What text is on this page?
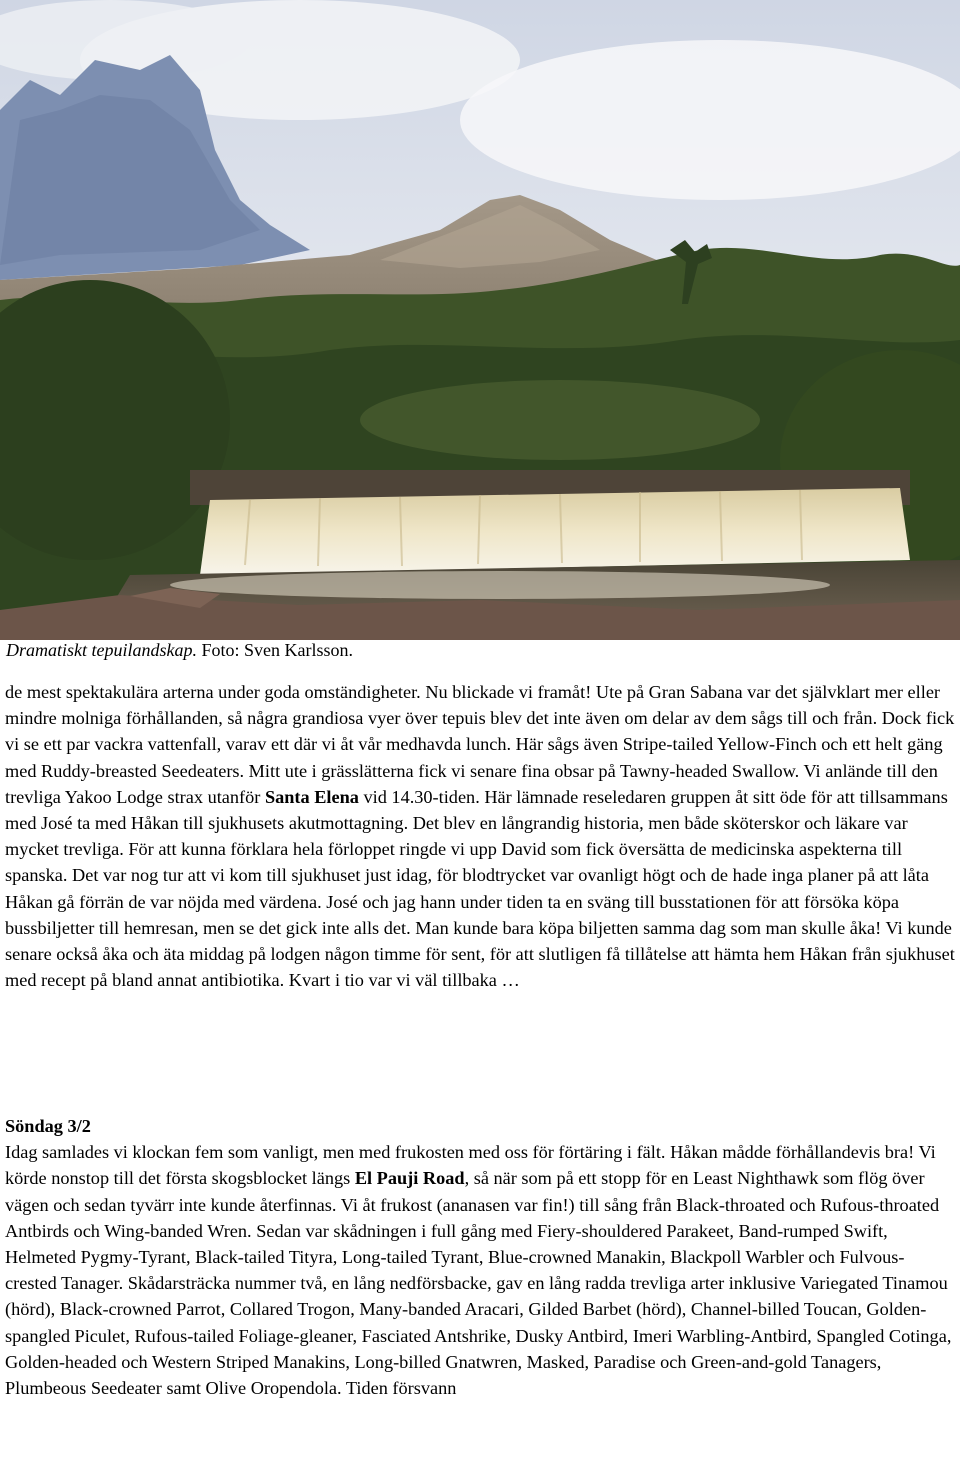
Dramatiskt tepuilandskap. Foto: Sven Karlsson.
de mest spektakulära arterna under goda omständigheter. Nu blickade vi framåt! Ute på Gran Sabana var det självklart mer eller mindre molniga förhållanden, så några grandiosa vyer över tepuis blev det inte även om delar av dem sågs till och från. Dock fick vi se ett par vackra vattenfall, varav ett där vi åt vår medhavda lunch. Här sågs även Stripe-tailed Yellow-Finch och ett helt gäng med Ruddy-breasted Seedeaters. Mitt ute i grässlätterna fick vi senare fina obsar på Tawny-headed Swallow. Vi anlände till den trevliga Yakoo Lodge strax utanför Santa Elena vid 14.30-tiden. Här lämnade reseledaren gruppen åt sitt öde för att tillsammans med José ta med Håkan till sjukhusets akutmottagning. Det blev en långrandig historia, men både sköterskor och läkare var mycket trevliga. För att kunna förklara hela förloppet ringde vi upp David som fick översätta de medicinska aspekterna till spanska. Det var nog tur att vi kom till sjukhuset just idag, för blodtrycket var ovanligt högt och de hade inga planer på att låta Håkan gå förrän de var nöjda med värdena. José och jag hann under tiden ta en sväng till busstationen för att försöka köpa bussbiljetter till hemresan, men se det gick inte alls det. Man kunde bara köpa biljetten samma dag som man skulle åka! Vi kunde senare också åka och äta middag på lodgen någon timme för sent, för att slutligen få tillåtelse att hämta hem Håkan från sjukhuset med recept på bland annat antibiotika. Kvart i tio var vi väl tillbaka …
Söndag 3/2
Idag samlades vi klockan fem som vanligt, men med frukosten med oss för förtäring i fält. Håkan mådde förhållandevis bra! Vi körde nonstop till det första skogsblocket längs El Pauji Road, så när som på ett stopp för en Least Nighthawk som flög över vägen och sedan tyvärr inte kunde återfinnas. Vi åt frukost (ananasen var fin!) till sång från Black-throated och Rufous-throated Antbirds och Wing-banded Wren. Sedan var skådningen i full gång med Fiery-shouldered Parakeet, Band-rumped Swift, Helmeted Pygmy-Tyrant, Black-tailed Tityra, Long-tailed Tyrant, Blue-crowned Manakin, Blackpoll Warbler och Fulvous-crested Tanager. Skådarsträcka nummer två, en lång nedförsbacke, gav en lång radda trevliga arter inklusive Variegated Tinamou (hörd), Black-crowned Parrot, Collared Trogon, Many-banded Aracari, Gilded Barbet (hörd), Channel-billed Toucan, Golden-spangled Piculet, Rufous-tailed Foliage-gleaner, Fasciated Antshrike, Dusky Antbird, Imeri Warbling-Antbird, Spangled Cotinga, Golden-headed och Western Striped Manakins, Long-billed Gnatwren, Masked, Paradise och Green-and-gold Tanagers, Plumbeous Seedeater samt Olive Oropendola. Tiden försvann
